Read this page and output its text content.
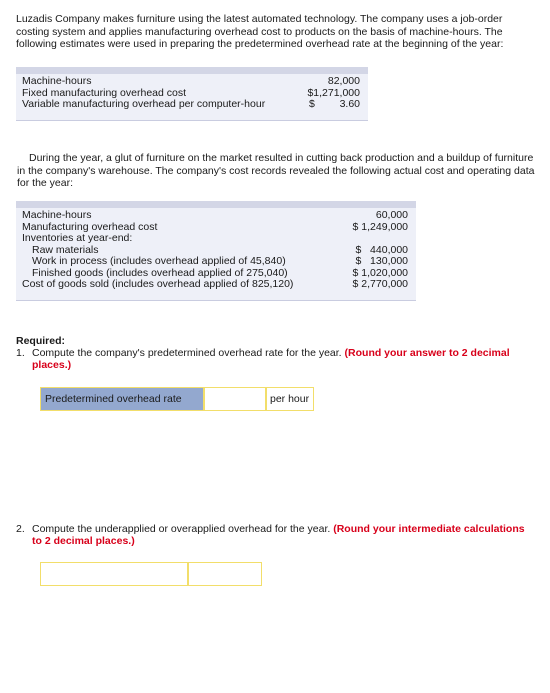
Luzadis Company makes furniture using the latest automated technology. The company uses a job-order costing system and applies manufacturing overhead cost to products on the basis of machine-hours. The following estimates were used in preparing the predetermined overhead rate at the beginning of the year:
Machine-hours	82,000
Fixed manufacturing overhead cost	$1,271,000
Variable manufacturing overhead per computer-hour	$ 3.60
During the year, a glut of furniture on the market resulted in cutting back production and a buildup of furniture in the company's warehouse. The company's cost records revealed the following actual cost and operating data for the year:
Machine-hours	60,000
Manufacturing overhead cost	$ 1,249,000
Inventories at year-end:
Raw materials	$   440,000
Work in process (includes overhead applied of 45,840)	$   130,000
Finished goods (includes overhead applied of 275,040)	$ 1,020,000
Cost of goods sold (includes overhead applied of 825,120)	$ 2,770,000
Required:
1. Compute the company's predetermined overhead rate for the year. (Round your answer to 2 decimal places.)
Predetermined overhead rate	per hour
2. Compute the underapplied or overapplied overhead for the year. (Round your intermediate calculations to 2 decimal places.)
